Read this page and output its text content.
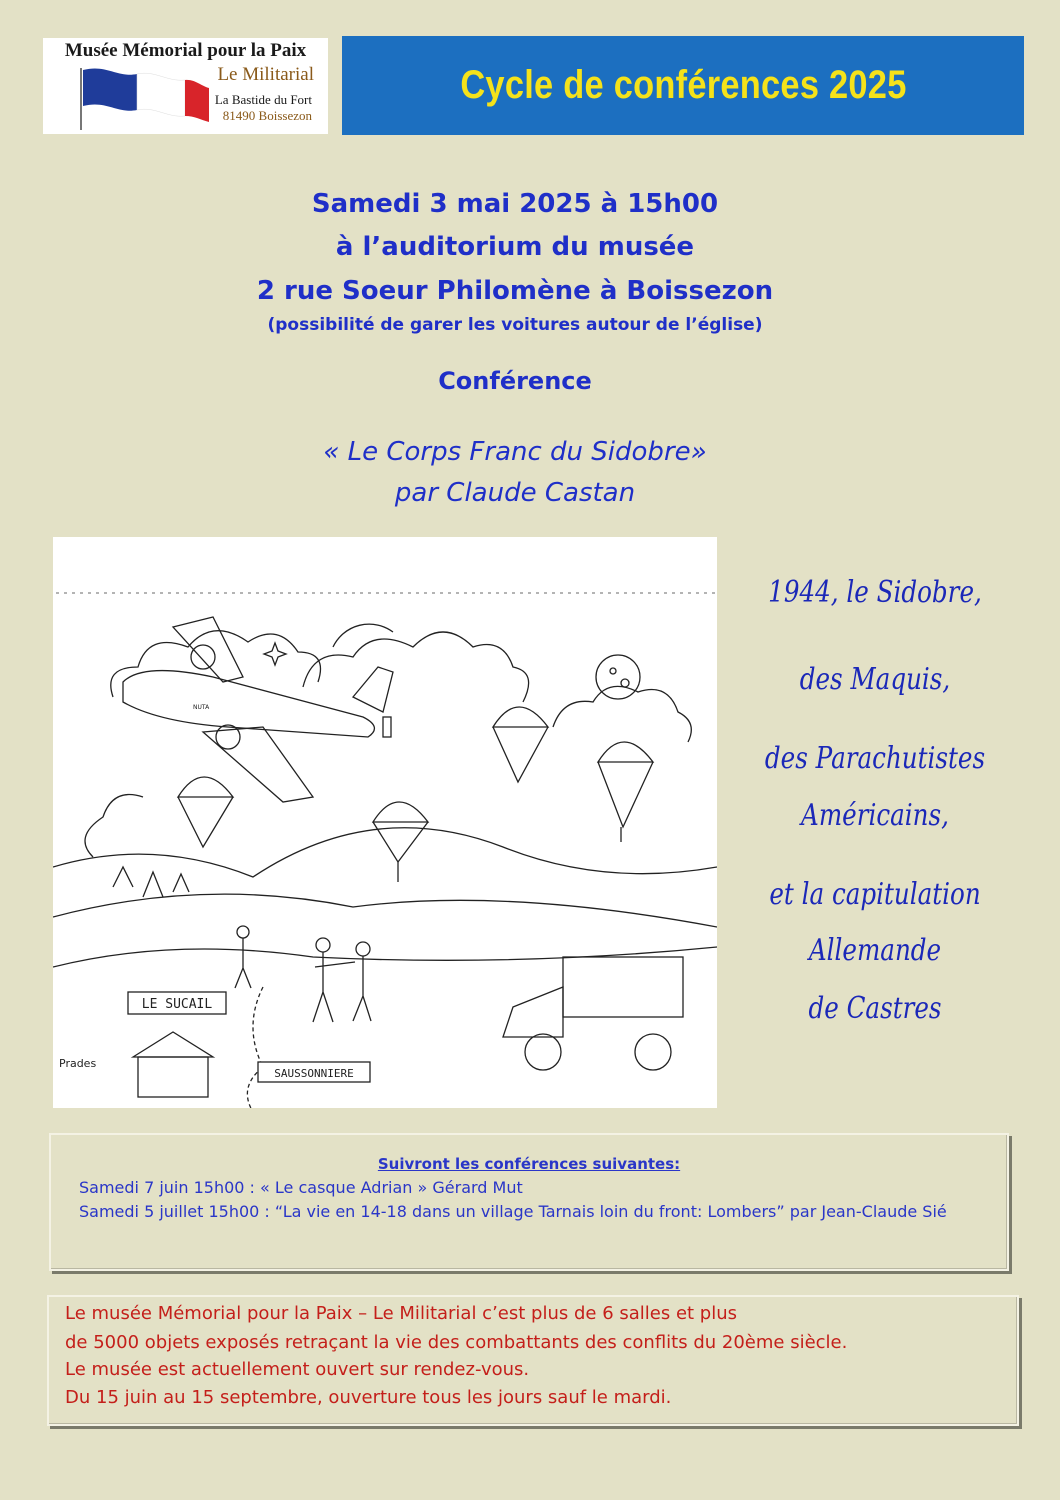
Musée Mémorial pour la Paix
Le Militarial
La Bastide du Fort
81490 Boissezon
Cycle de conférences 2025
Samedi 3 mai 2025 à 15h00
à l’auditorium du musée
2 rue Soeur Philomène à Boissezon
(possibilité de garer les voitures autour de l’église)
Conférence
« Le Corps Franc du Sidobre»
par Claude Castan
LE SUCAIL
SAUSSONNIERE
Prades
NUTA
1944, le Sidobre,
des Maquis,
des Parachutistes
Américains,
et la capitulation
Allemande
de Castres
Suivront les conférences suivantes:
Samedi 7 juin 15h00 : « Le casque Adrian » Gérard Mut
Samedi 5 juillet 15h00 : “La vie en 14-18 dans un village Tarnais loin du front: Lombers” par Jean-Claude Sié
Le musée Mémorial pour la Paix – Le Militarial c’est plus de 6 salles et plus
de 5000 objets exposés retraçant la vie des combattants des conflits du 20ème siècle.
Le musée est actuellement ouvert sur rendez-vous.
Du 15 juin au 15 septembre, ouverture tous les jours sauf le mardi.
